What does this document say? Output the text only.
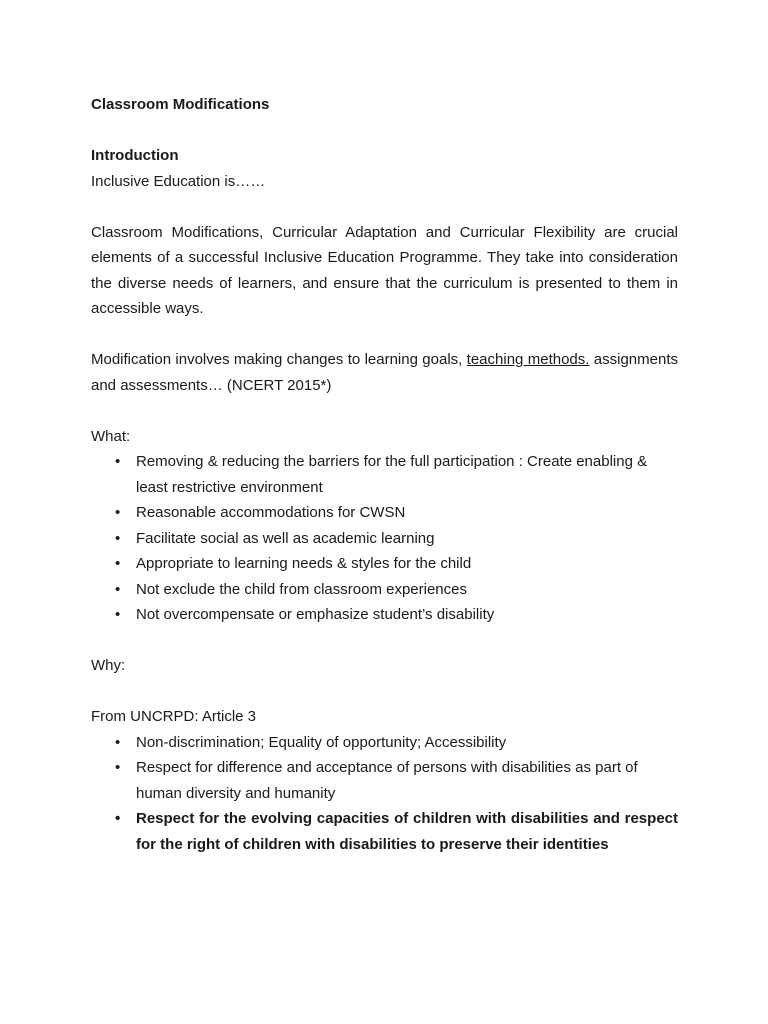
Classroom Modifications

Introduction

Inclusive Education is……

Classroom Modifications, Curricular Adaptation and Curricular Flexibility are crucial elements of a successful Inclusive Education Programme. They take into consideration the diverse needs of learners, and ensure that the curriculum is presented to them in accessible ways.

Modification involves making changes to learning goals, teaching methods. assignments and assessments… (NCERT 2015*)

What:

• Removing & reducing the barriers for the full participation : Create enabling & least restrictive environment
• Reasonable accommodations for CWSN
• Facilitate social as well as academic learning
• Appropriate to learning needs & styles for the child
• Not exclude the child from classroom experiences
• Not overcompensate or emphasize student’s disability

Why:

From UNCRPD: Article 3

• Non-discrimination; Equality of opportunity; Accessibility
• Respect for difference and acceptance of persons with disabilities as part of human diversity and humanity
• Respect for the evolving capacities of children with disabilities and respect for the right of children with disabilities to preserve their identities
